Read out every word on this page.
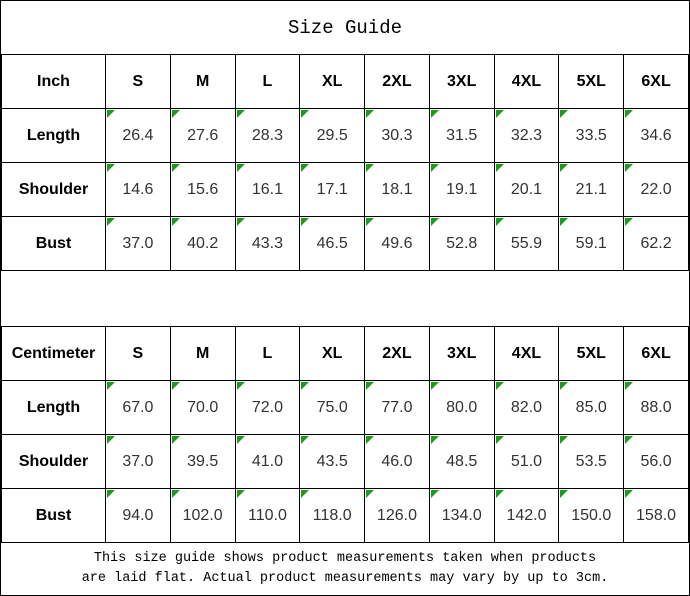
Size Guide
Inch	S	M	L	XL	2XL	3XL	4XL	5XL	6XL
Length	26.4	27.6	28.3	29.5	30.3	31.5	32.3	33.5	34.6
Shoulder	14.6	15.6	16.1	17.1	18.1	19.1	20.1	21.1	22.0
Bust	37.0	40.2	43.3	46.5	49.6	52.8	55.9	59.1	62.2
Centimeter	S	M	L	XL	2XL	3XL	4XL	5XL	6XL
Length	67.0	70.0	72.0	75.0	77.0	80.0	82.0	85.0	88.0
Shoulder	37.0	39.5	41.0	43.5	46.0	48.5	51.0	53.5	56.0
Bust	94.0	102.0	110.0	118.0	126.0	134.0	142.0	150.0	158.0
This size guide shows product measurements taken when products
are laid flat. Actual product measurements may vary by up to 3cm.
